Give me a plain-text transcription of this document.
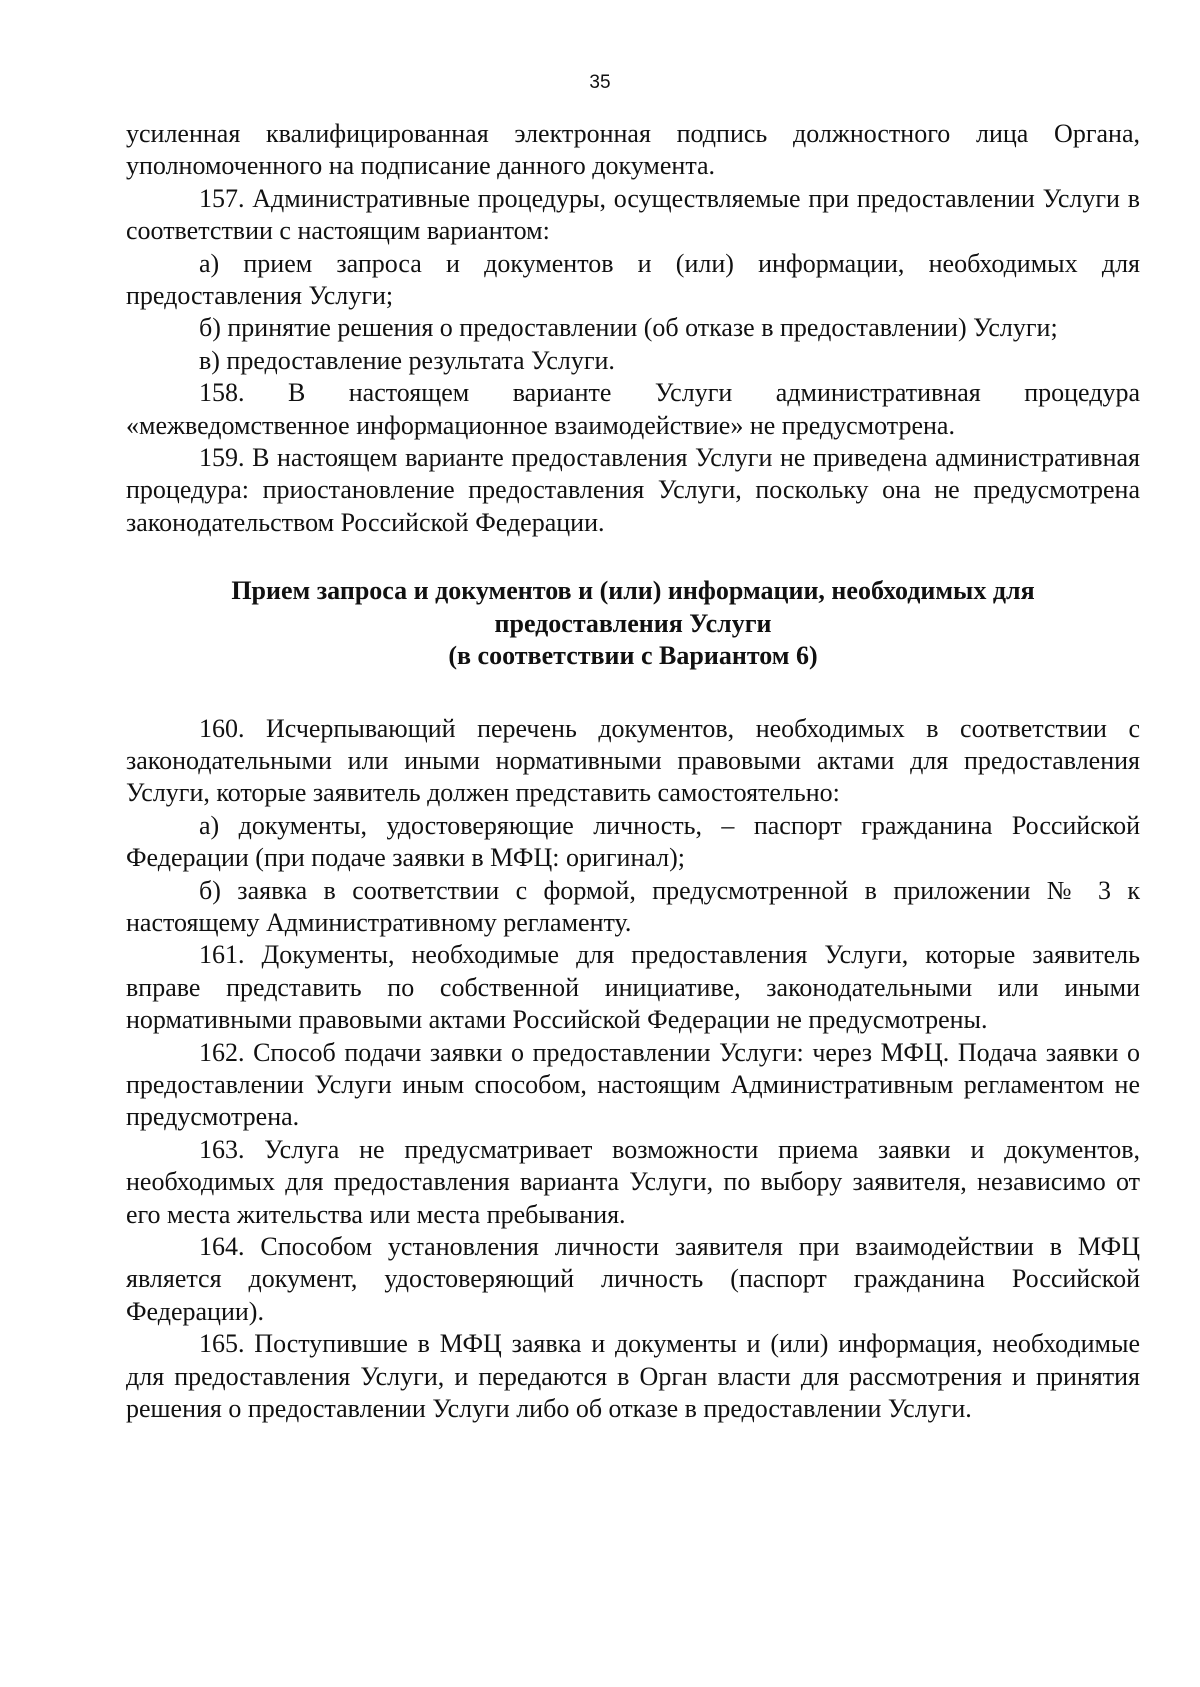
35

усиленная квалифицированная электронная подпись должностного лица Органа, уполномоченного на подписание данного документа.

157. Административные процедуры, осуществляемые при предоставлении Услуги в соответствии с настоящим вариантом:

а) прием запроса и документов и (или) информации, необходимых для предоставления Услуги;

б) принятие решения о предоставлении (об отказе в предоставлении) Услуги;

в) предоставление результата Услуги.

158. В настоящем варианте Услуги административная процедура «межведомственное информационное взаимодействие» не предусмотрена.

159. В настоящем варианте предоставления Услуги не приведена административная процедура: приостановление предоставления Услуги, поскольку она не предусмотрена законодательством Российской Федерации.

Прием запроса и документов и (или) информации, необходимых для
предоставления Услуги
(в соответствии с Вариантом 6)

160. Исчерпывающий перечень документов, необходимых в соответствии с законодательными или иными нормативными правовыми актами для предоставления Услуги, которые заявитель должен представить самостоятельно:

а) документы, удостоверяющие личность, – паспорт гражданина Российской Федерации (при подаче заявки в МФЦ: оригинал);

б) заявка в соответствии с формой, предусмотренной в приложении № 3 к настоящему Административному регламенту.

161. Документы, необходимые для предоставления Услуги, которые заявитель вправе представить по собственной инициативе, законодательными или иными нормативными правовыми актами Российской Федерации не предусмотрены.

162. Способ подачи заявки о предоставлении Услуги: через МФЦ. Подача заявки о предоставлении Услуги иным способом, настоящим Административным регламентом не предусмотрена.

163. Услуга не предусматривает возможности приема заявки и документов, необходимых для предоставления варианта Услуги, по выбору заявителя, независимо от его места жительства или места пребывания.

164. Способом установления личности заявителя при взаимодействии в МФЦ является документ, удостоверяющий личность (паспорт гражданина Российской Федерации).

165. Поступившие в МФЦ заявка и документы и (или) информация, необходимые для предоставления Услуги, и передаются в Орган власти для рассмотрения и принятия решения о предоставлении Услуги либо об отказе в предоставлении Услуги.
